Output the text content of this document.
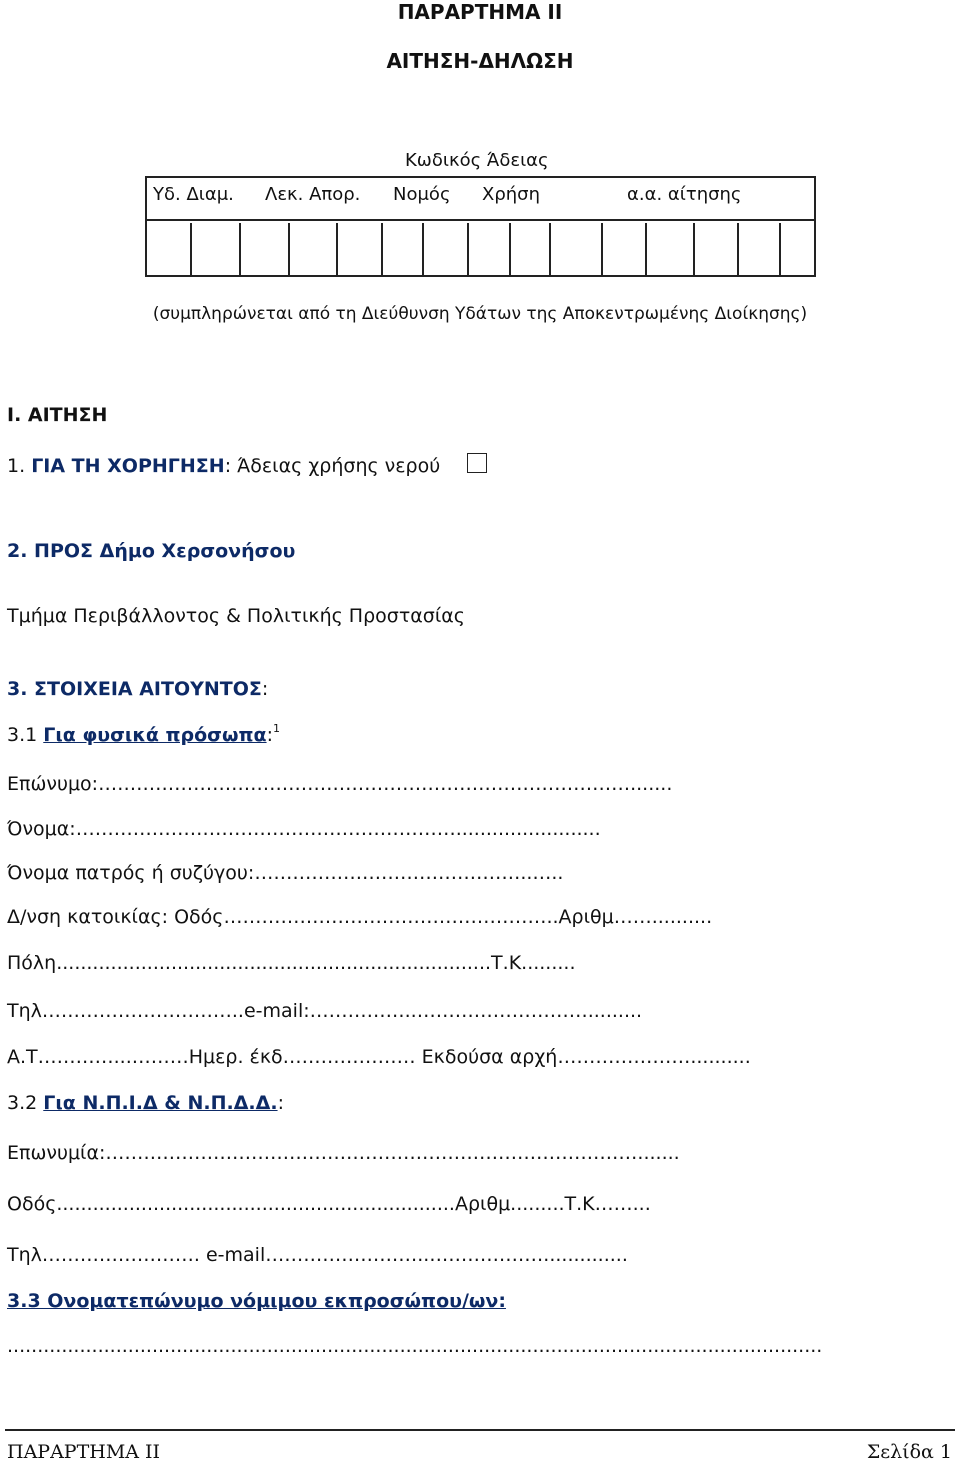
ΠΑΡΑΡΤΗΜΑ ΙΙ
ΑΙΤΗΣΗ-ΔΗΛΩΣΗ
Κωδικός Άδειας
Υδ. Διαμ. Λεκ. Απορ. Νομός Χρήση	α.α. αίτησης
(συμπληρώνεται από τη Διεύθυνση Υδάτων της Αποκεντρωμένης Διοίκησης)
Ι. ΑΙΤΗΣΗ
1. ΓΙΑ ΤΗ ΧΟΡΗΓΗΣΗ: Άδειας χρήσης νερού
2. ΠΡΟΣ Δήμο Χερσονήσου
Τμήμα Περιβάλλοντος & Πολιτικής Προστασίας
3. ΣΤΟΙΧΕΙΑ ΑΙΤΟΥΝΤΟΣ:
3.1 Για φυσικά πρόσωπα:$^1$
Επώνυμο:………………………………………………………………………….......
Όνομα:……………………………………………………........................
Όνομα πατρός ή συζύγου:……………………………………..…..
Δ/νση κατοικίας: Οδός……………………………………………..Αριθμ……..........
Πόλη........................................................................Τ.Κ.........
Τηλ…………………………..e-mail:……………..……………………….........
Α.Τ…………...………Ημερ. έκδ………………… Εκδούσα αρχή…………………..........
3.2 Για Ν.Π.Ι.Δ & Ν.Π.Δ.Δ.:
Επωνυμία:………………………………………………………………………….......
Οδός..................................................................Αριθμ.........Τ.Κ……...
Τηλ……………………. e-mail……………………..………………..............
3.3 Ονοματεπώνυμο νόμιμου εκπροσώπου/ων:
.......................................................................................................................................
ΠΑΡΑΡΤΗΜΑ ΙΙ	Σελίδα 1
